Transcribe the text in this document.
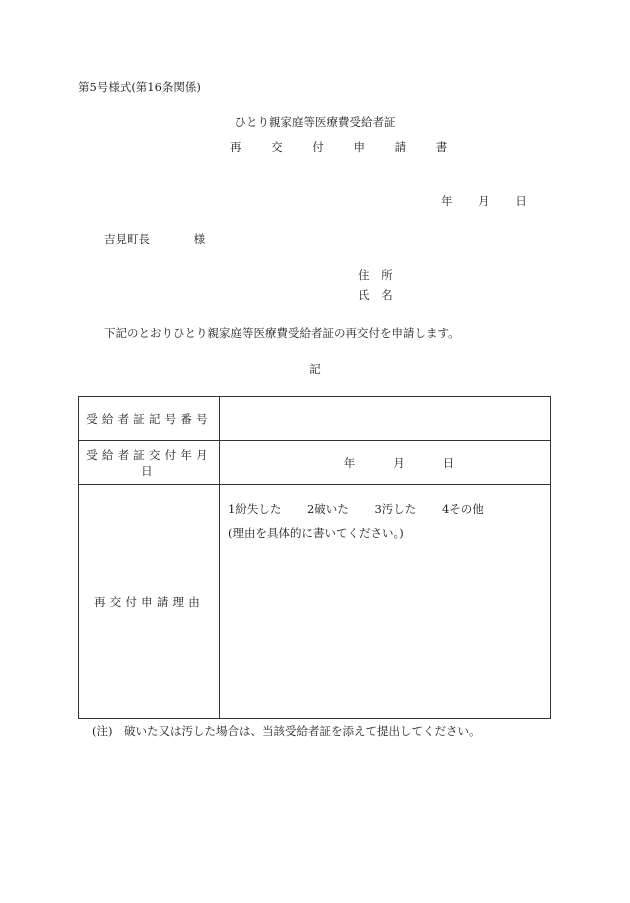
第5号様式(第16条関係)
ひとり親家庭等医療費受給者証
再	交	付	申	請	書
年 月 日
吉見町長	様
住 所
氏 名
下記のとおりひとり親家庭等医療費受給者証の再交付を申請します。
記
受給者証記号番号	
受給者証交付年月日	年 月 日

再交付申請理由	1紛失した 2破いた 3汚した 4その他
(理由を具体的に書いてください。)
(注)　破いた又は汚した場合は、当該受給者証を添えて提出してください。
